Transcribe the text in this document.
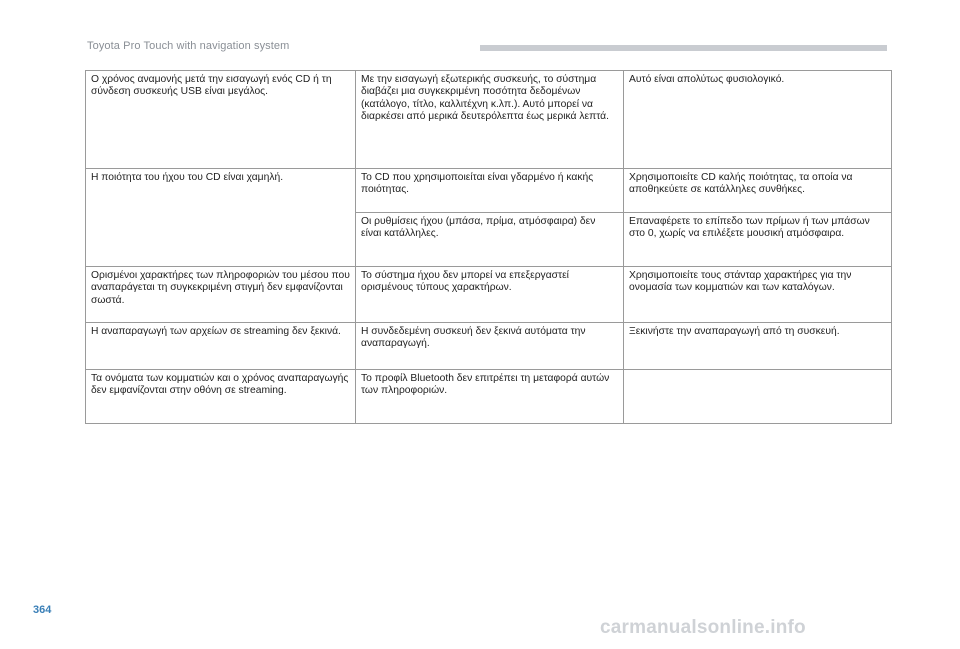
Toyota Pro Touch with navigation system
Ο χρόνος αναμονής μετά την εισαγωγή ενός CD ή τη σύνδεση συσκευής USB είναι μεγάλος.	Με την εισαγωγή εξωτερικής συσκευής, το σύστημα διαβάζει μια συγκεκριμένη ποσότητα δεδομένων (κατάλογο, τίτλο, καλλιτέχνη κ.λπ.). Αυτό μπορεί να διαρκέσει από μερικά δευτερόλεπτα έως μερικά λεπτά.	Αυτό είναι απολύτως φυσιολογικό.
Η ποιότητα του ήχου του CD είναι χαμηλή.	Το CD που χρησιμοποιείται είναι γδαρμένο ή κακής ποιότητας.	Χρησιμοποιείτε CD καλής ποιότητας, τα οποία να αποθηκεύετε σε κατάλληλες συνθήκες.
	Οι ρυθμίσεις ήχου (μπάσα, πρίμα, ατμόσφαιρα) δεν είναι κατάλληλες.	Επαναφέρετε το επίπεδο των πρίμων ή των μπάσων στο 0, χωρίς να επιλέξετε μουσική ατμόσφαιρα.
Ορισμένοι χαρακτήρες των πληροφοριών του μέσου που αναπαράγεται τη συγκεκριμένη στιγμή δεν εμφανίζονται σωστά.	Το σύστημα ήχου δεν μπορεί να επεξεργαστεί ορισμένους τύπους χαρακτήρων.	Χρησιμοποιείτε τους στάνταρ χαρακτήρες για την ονομασία των κομματιών και των καταλόγων.
Η αναπαραγωγή των αρχείων σε streaming δεν ξεκινά.	Η συνδεδεμένη συσκευή δεν ξεκινά αυτόματα την αναπαραγωγή.	Ξεκινήστε την αναπαραγωγή από τη συσκευή.
Τα ονόματα των κομματιών και ο χρόνος αναπαραγωγής δεν εμφανίζονται στην οθόνη σε streaming.	Το προφίλ Bluetooth δεν επιτρέπει τη μεταφορά αυτών των πληροφοριών.	
364
carmanualsonline.info
